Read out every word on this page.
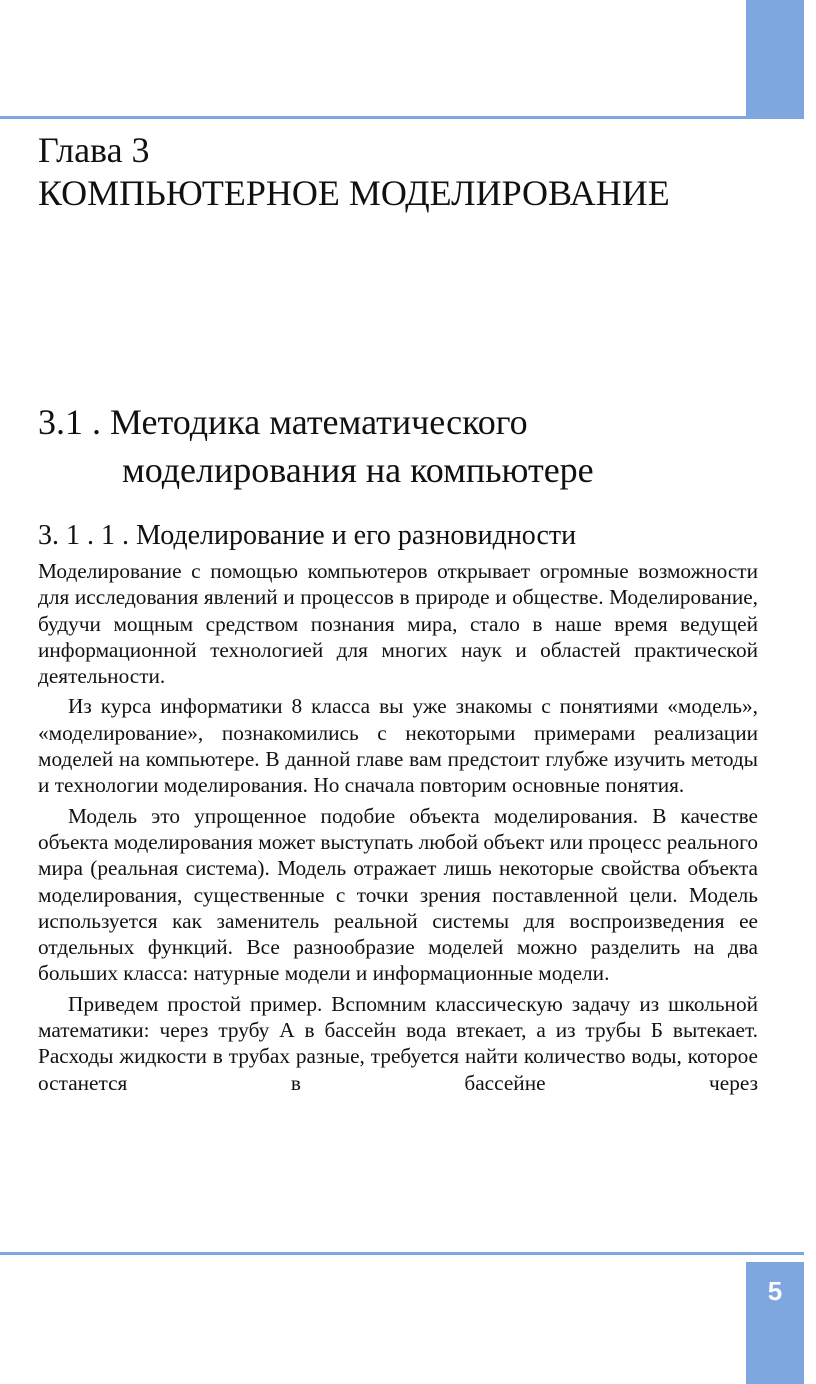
Глава 3
КОМПЬЮТЕРНОЕ МОДЕЛИРОВАНИЕ
3.1 . Методика математического
моделирования на компьютере
3. 1 . 1 . Моделирование и его разновидности

Моделирование с помощью компьютеров открывает огромные возможности для исследования явлений и процессов в природе и обществе. Моделирование, будучи мощным средством познания мира, стало в наше время ведущей информационной технологией для многих наук и областей практической деятельности.

Из курса информатики 8 класса вы уже знакомы с понятиями «модель», «моделирование», познакомились с некоторыми примерами реализации моделей на компьютере. В данной главе вам предстоит глубже изучить методы и технологии моделирования. Но сначала повторим основные понятия.

Модель это упрощенное подобие объекта моделирования. В качестве объекта моделирования может выступать любой объект или процесс реального мира (реальная система). Модель отражает лишь некоторые свойства объекта моделирования, существенные с точки зрения поставленной цели. Модель используется как заменитель реальной системы для воспроизведения ее отдельных функций. Все разнообразие моделей можно разделить на два больших класса: натурные модели и информационные модели.

Приведем простой пример. Вспомним классическую задачу из школьной математики: через трубу А в бассейн вода втекает, а из трубы Б вытекает. Расходы жидкости в трубах разные, требуется найти количество воды, которое останется в бассейне через

5
